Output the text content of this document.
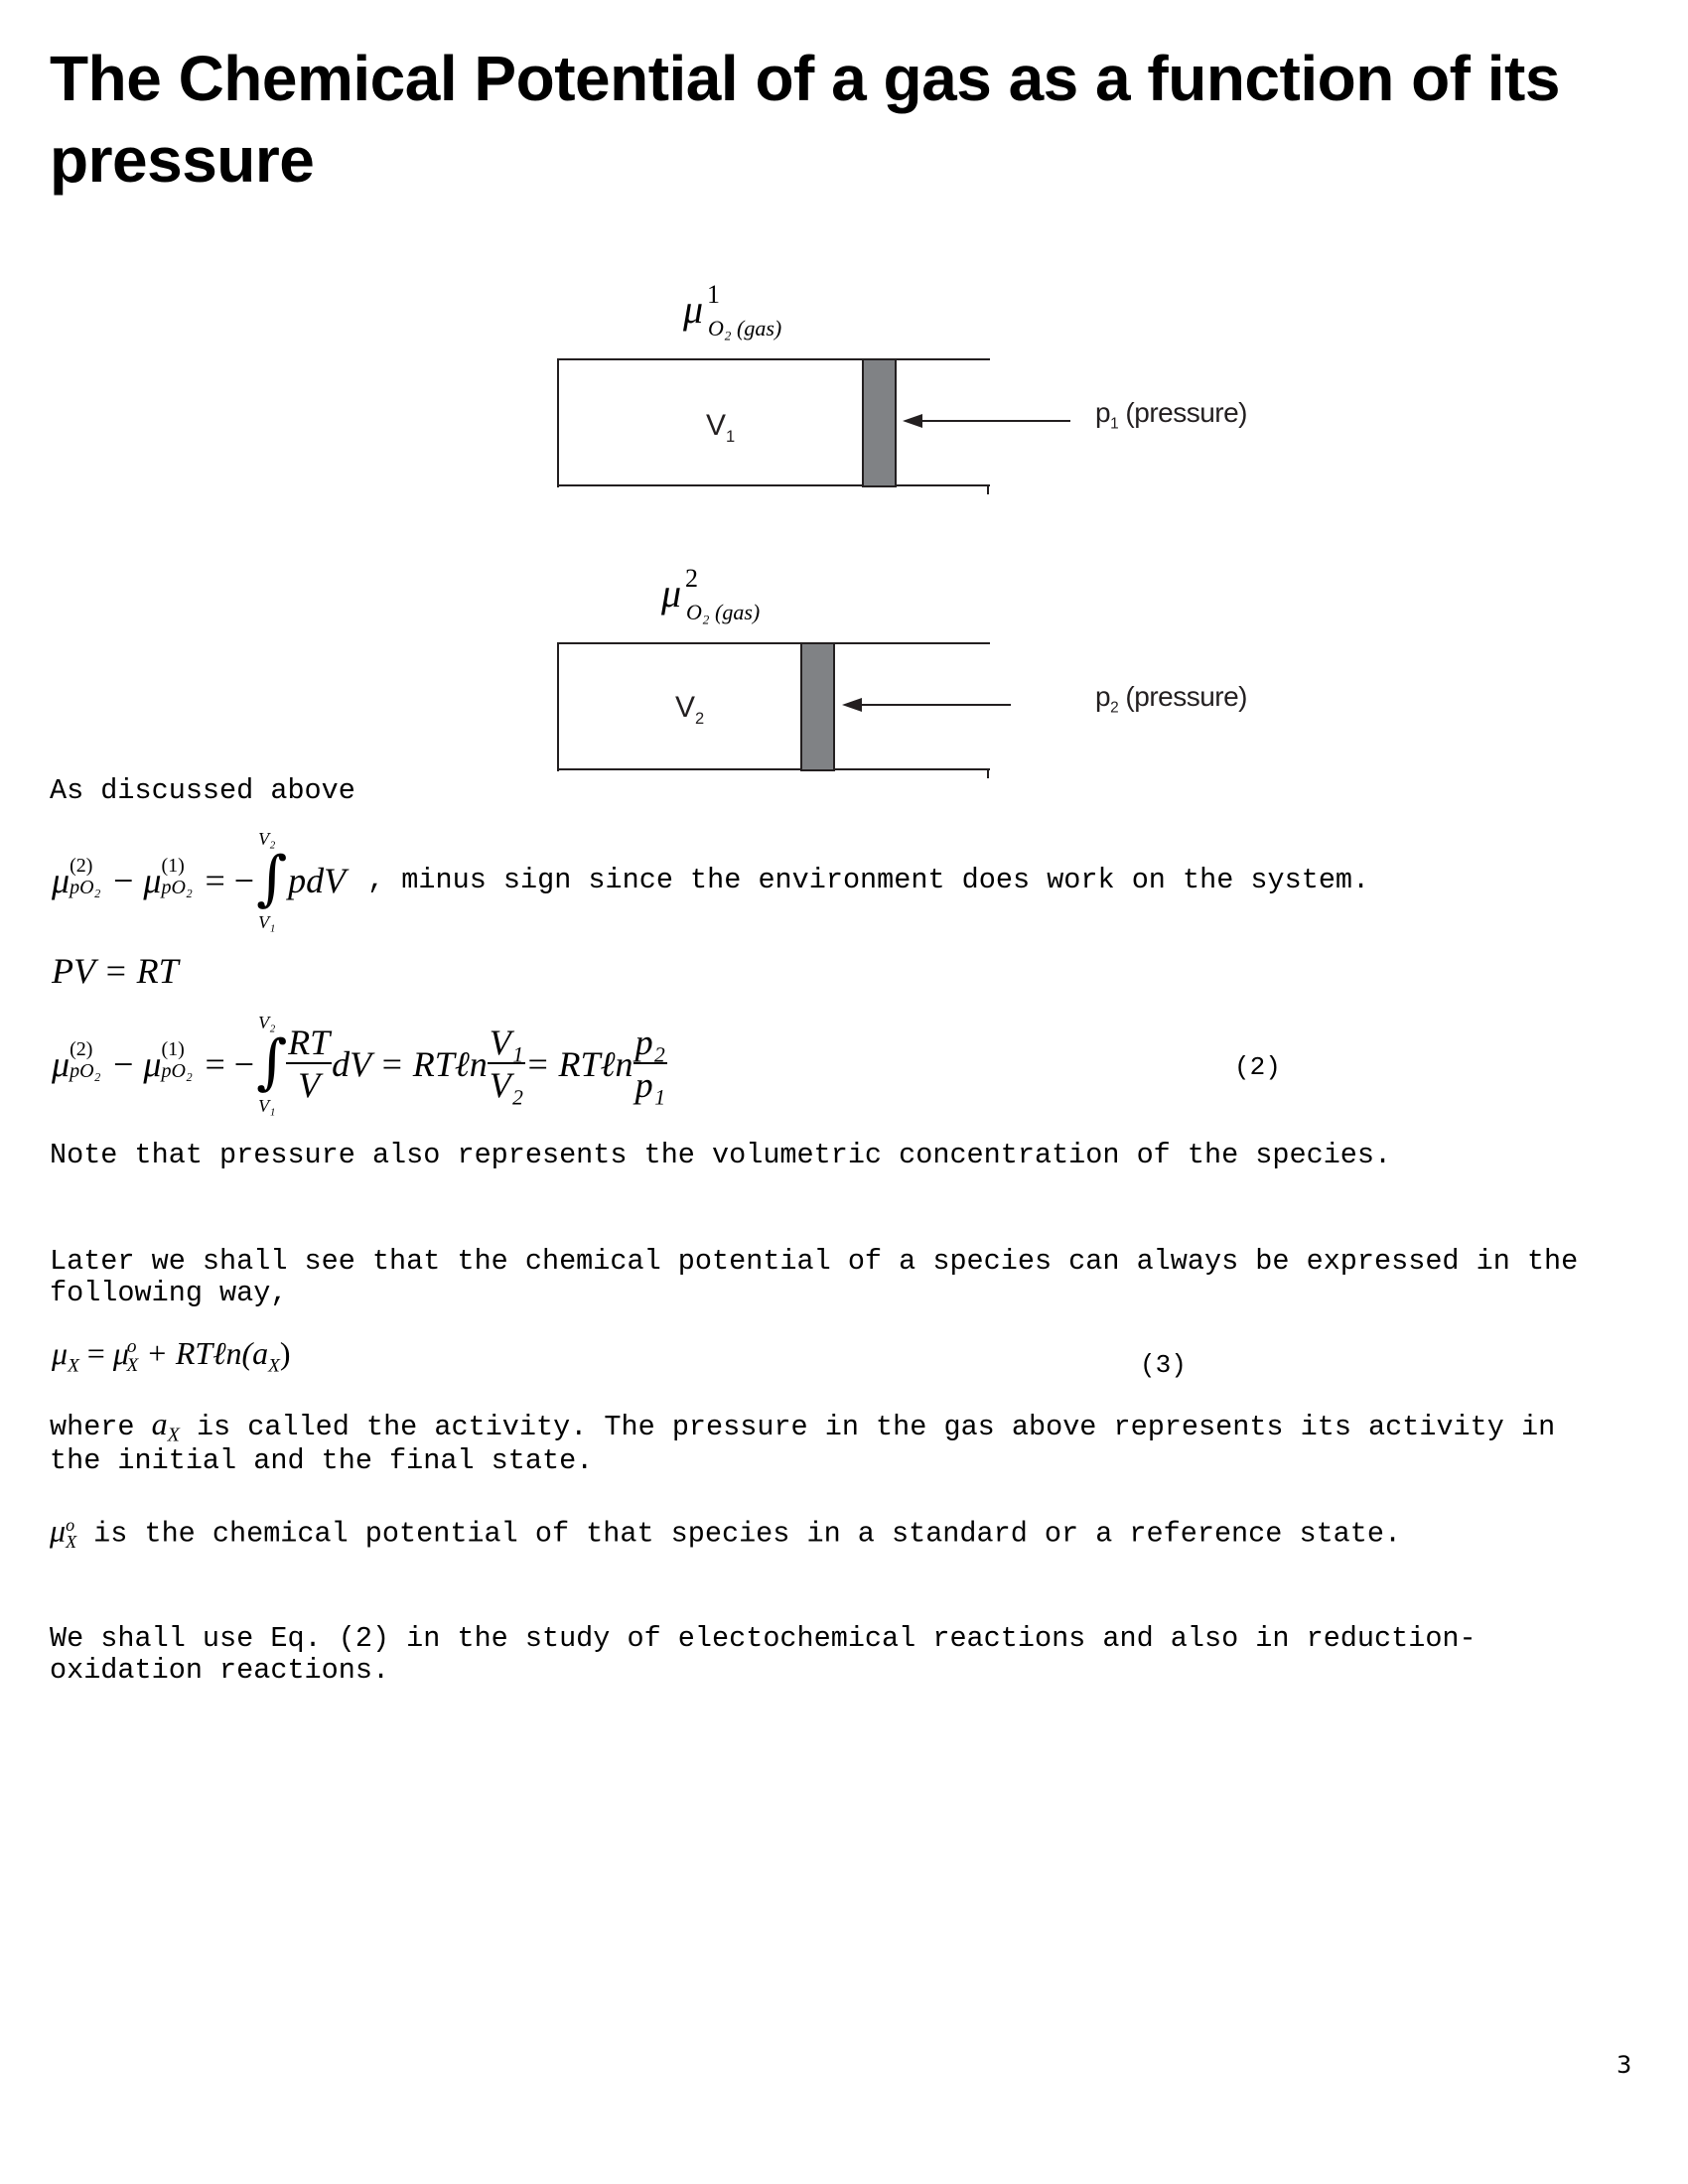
The Chemical Potential of a gas as a function of its pressure
μ 1
O₂ (gas)
$V_1$
$p_1$ (pressure)
μ 2
O₂ (gas)
$V_2$
$p_2$ (pressure)
As discussed above
μ (2)
pO₂ − μ (1)
pO₂ = − ∫
V₂
V₁
pdV , minus sign since the environment does work on the system.
PV = RT
μ (2)
pO₂ − μ (1)
pO₂ = − ∫
V₂
$V_1 \frac{RT}{V}$ dV = RTℓn $\frac{\text{V₁}}{\text{V₂}}$ = RTℓn $\frac{\text{p₂}}{\text{p₁}}$	(2)
Note that pressure also represents the volumetric concentration of the species.
Later we shall see that the chemical potential of a species can always be expressed in the
following way,
$\mu_X = \mu^o_X$ + $RT\ell n(a_X)$	(3)
where $a_X$ is called the activity. The pressure in the gas above represents its activity in
the initial and the final state.
$\mu^o_X$ is the chemical potential of that species in a standard or a reference state.
We shall use Eq. (2) in the study of electochemical reactions and also in reduction-
oxidation reactions.
3
